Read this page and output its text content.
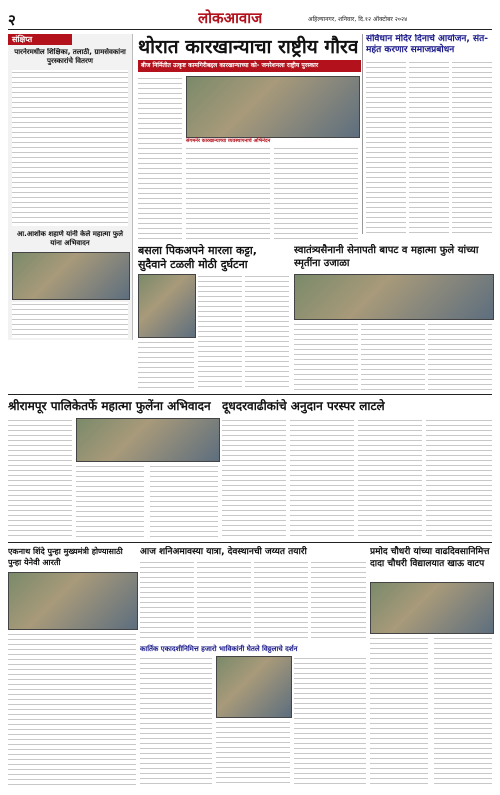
२	लोकआवाज	अहिल्यानगर, शनिवार, दि.१२ ऑक्टोबर २०२४
संक्षिप्त
पारनेरमधील शिक्षिका, तलाठी, ग्रामसेवकांना पुरस्कारांचे वितरण
आ.आशोक शहाणे यांनी केले महात्मा फुले यांना अभिवादन
थोरात कारखान्याचा राष्ट्रीय गौरव
बीज निर्मितीत उत्कृष्ट कामगिरीबद्दल कारखान्याच्या को- जनरेशनला राष्ट्रीय पुरस्कार
संगमनेर कारखान्याच्या व्यवस्थापनाचे अभिनंदन
संविधान मंदिर दिनाचे आयोजन, संत-महंत करणार समाजप्रबोधन
बसला पिकअपने मारला कट्टा, सुदैवाने टळली मोठी दुर्घटना
स्वातंत्र्यसैनानी सेनापती बापट व महात्मा फुले यांच्या स्मृतींना उजाळा
श्रीरामपूर पालिकेतर्फे महात्मा फुलेंना अभिवादन दूधदरवाढीकांचे अनुदान परस्पर लाटले
एकनाथ शिंदे पुन्हा मुख्यमंत्री होण्यासाठी पुन्हा येनेवी आरती
आज शनिअमावस्या यात्रा, देवस्थानची जय्यत तयारी
कार्तिक एकादशीनिमित्त हजारो भाविकांनी घेतले विठ्ठलाचे दर्शन
प्रमोद चौधरी यांच्या वाढदिवसानिमित्त दादा चौधरी विद्यालयात खाऊ वाटप
